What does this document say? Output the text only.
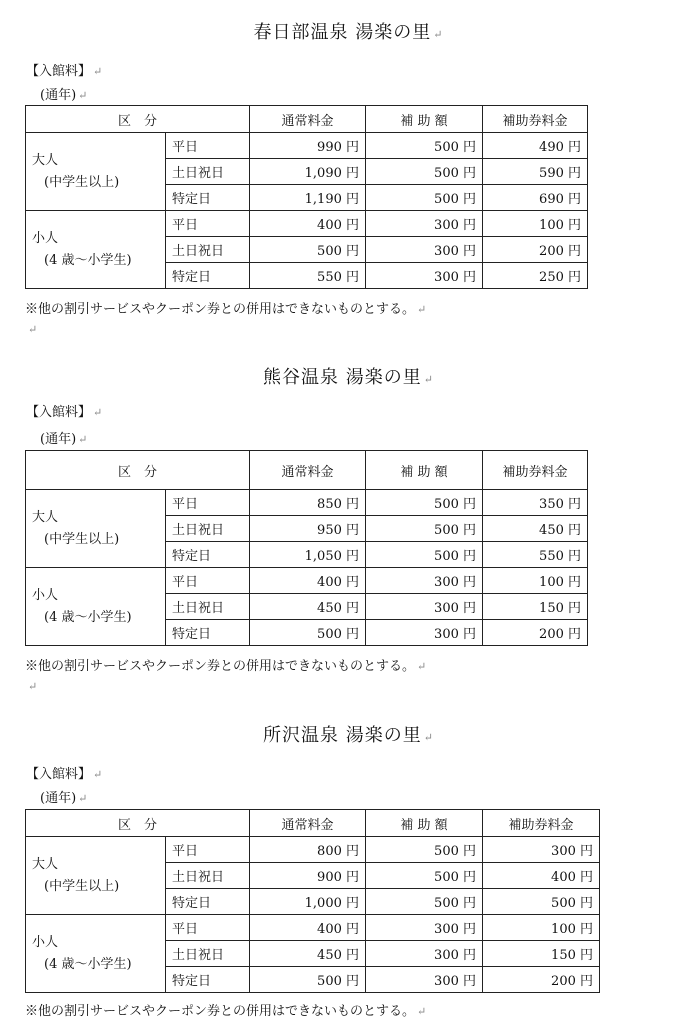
春日部温泉 湯楽の里 ↵
【入館料】 ↵
(通年) ↵
区　分		通常料金	補 助 額	補助券料金

大人
(中学生以上)	平日	990 円	500 円	490 円
	土日祝日	1,090 円	500 円	590 円
	特定日	1,190 円	500 円	690 円

小人
(4 歳～小学生)	平日	400 円	300 円	100 円
	土日祝日	500 円	300 円	200 円
	特定日	550 円	300 円	250 円
※他の割引サービスやクーポン券との併用はできないものとする。 ↵
↵
熊谷温泉 湯楽の里 ↵
【入館料】 ↵
(通年) ↵
区　分		通常料金	補 助 額	補助券料金

大人
(中学生以上)	平日	850 円	500 円	350 円
	土日祝日	950 円	500 円	450 円
	特定日	1,050 円	500 円	550 円

小人
(4 歳～小学生)	平日	400 円	300 円	100 円
	土日祝日	450 円	300 円	150 円
	特定日	500 円	300 円	200 円
※他の割引サービスやクーポン券との併用はできないものとする。 ↵
↵
所沢温泉 湯楽の里 ↵
【入館料】 ↵
(通年) ↵
区　分		通常料金	補 助 額	補助券料金

大人
(中学生以上)	平日	800 円	500 円	300 円
	土日祝日	900 円	500 円	400 円
	特定日	1,000 円	500 円	500 円

小人
(4 歳～小学生)	平日	400 円	300 円	100 円
	土日祝日	450 円	300 円	150 円
	特定日	500 円	300 円	200 円
※他の割引サービスやクーポン券との併用はできないものとする。 ↵
